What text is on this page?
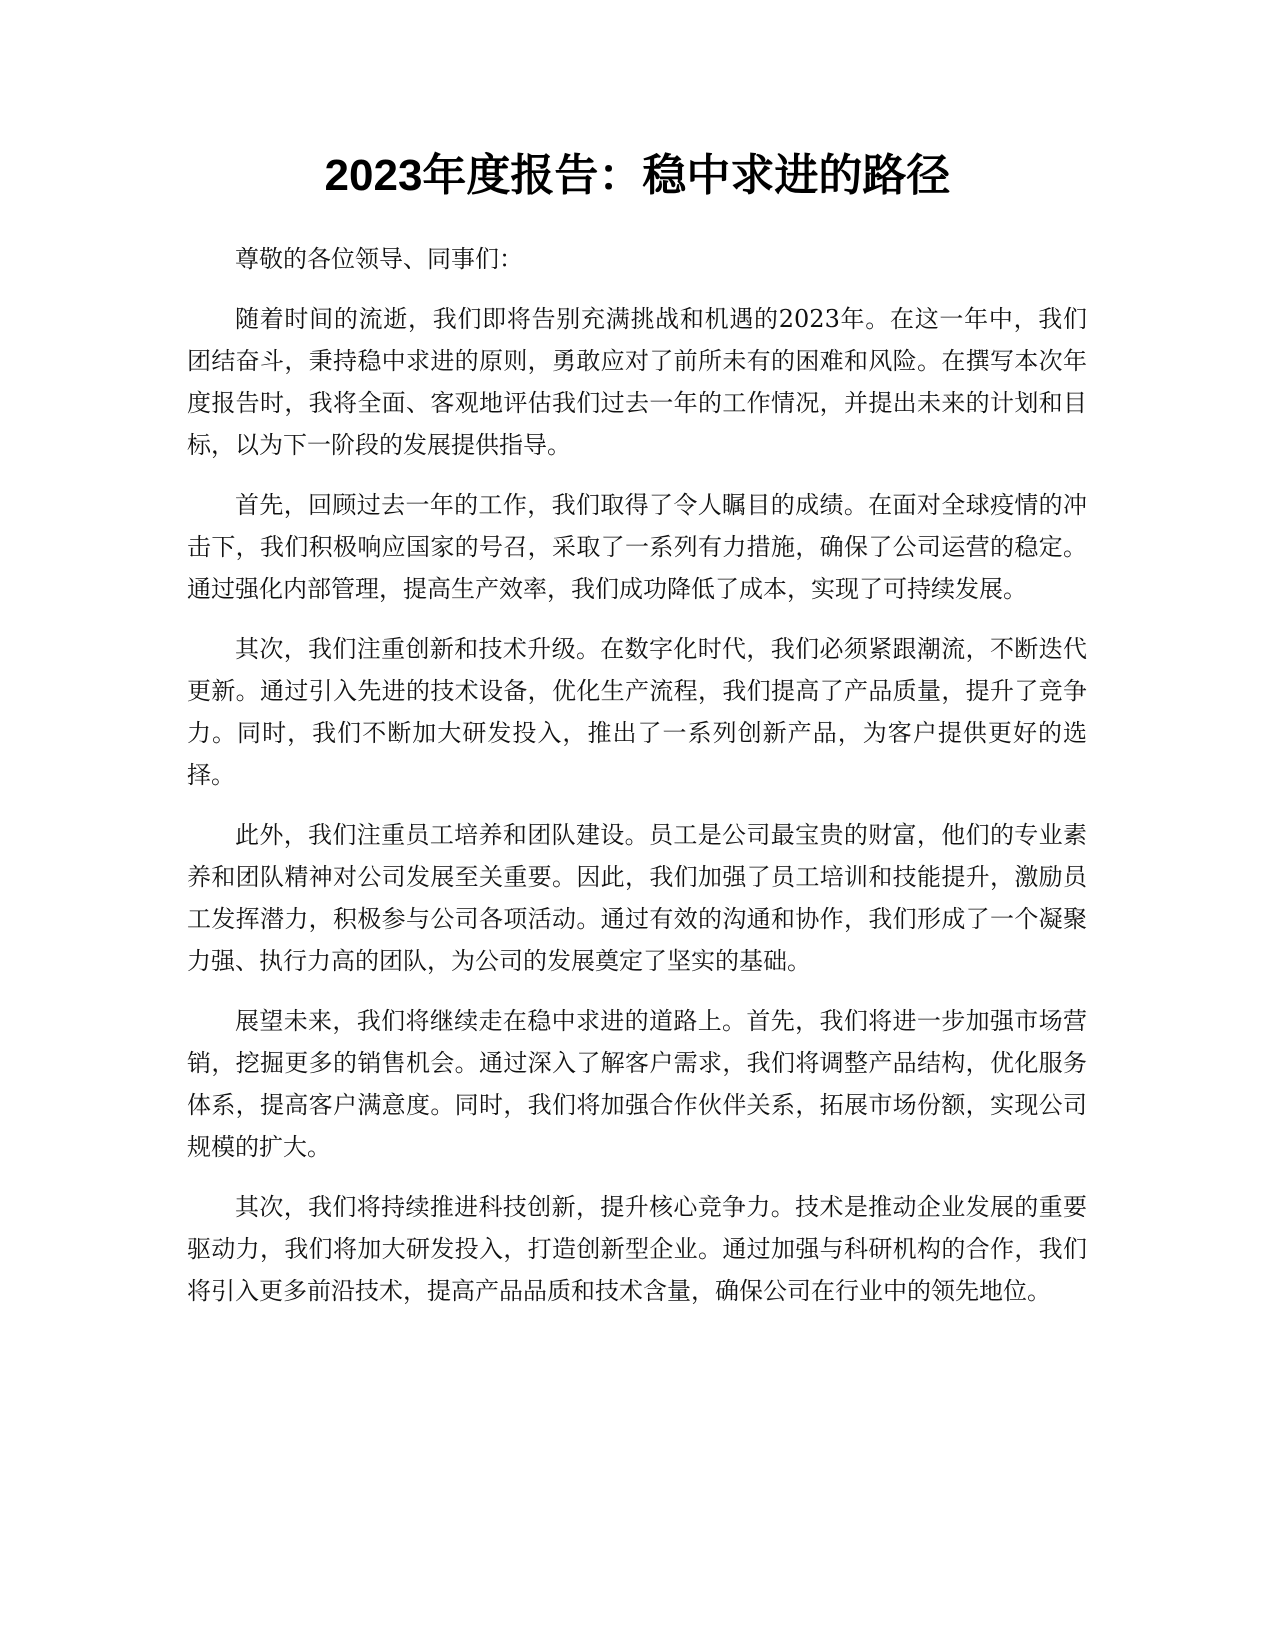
2023年度报告：稳中求进的路径

尊敬的各位领导、同事们：

随着时间的流逝，我们即将告别充满挑战和机遇的2023年。在这一年中，我们团结奋斗，秉持稳中求进的原则，勇敢应对了前所未有的困难和风险。在撰写本次年度报告时，我将全面、客观地评估我们过去一年的工作情况，并提出未来的计划和目标，以为下一阶段的发展提供指导。

首先，回顾过去一年的工作，我们取得了令人瞩目的成绩。在面对全球疫情的冲击下，我们积极响应国家的号召，采取了一系列有力措施，确保了公司运营的稳定。通过强化内部管理，提高生产效率，我们成功降低了成本，实现了可持续发展。

其次，我们注重创新和技术升级。在数字化时代，我们必须紧跟潮流，不断迭代更新。通过引入先进的技术设备，优化生产流程，我们提高了产品质量，提升了竞争力。同时，我们不断加大研发投入，推出了一系列创新产品，为客户提供更好的选择。

此外，我们注重员工培养和团队建设。员工是公司最宝贵的财富，他们的专业素养和团队精神对公司发展至关重要。因此，我们加强了员工培训和技能提升，激励员工发挥潜力，积极参与公司各项活动。通过有效的沟通和协作，我们形成了一个凝聚力强、执行力高的团队，为公司的发展奠定了坚实的基础。

展望未来，我们将继续走在稳中求进的道路上。首先，我们将进一步加强市场营销，挖掘更多的销售机会。通过深入了解客户需求，我们将调整产品结构，优化服务体系，提高客户满意度。同时，我们将加强合作伙伴关系，拓展市场份额，实现公司规模的扩大。

其次，我们将持续推进科技创新，提升核心竞争力。技术是推动企业发展的重要驱动力，我们将加大研发投入，打造创新型企业。通过加强与科研机构的合作，我们将引入更多前沿技术，提高产品品质和技术含量，确保公司在行业中的领先地位。
